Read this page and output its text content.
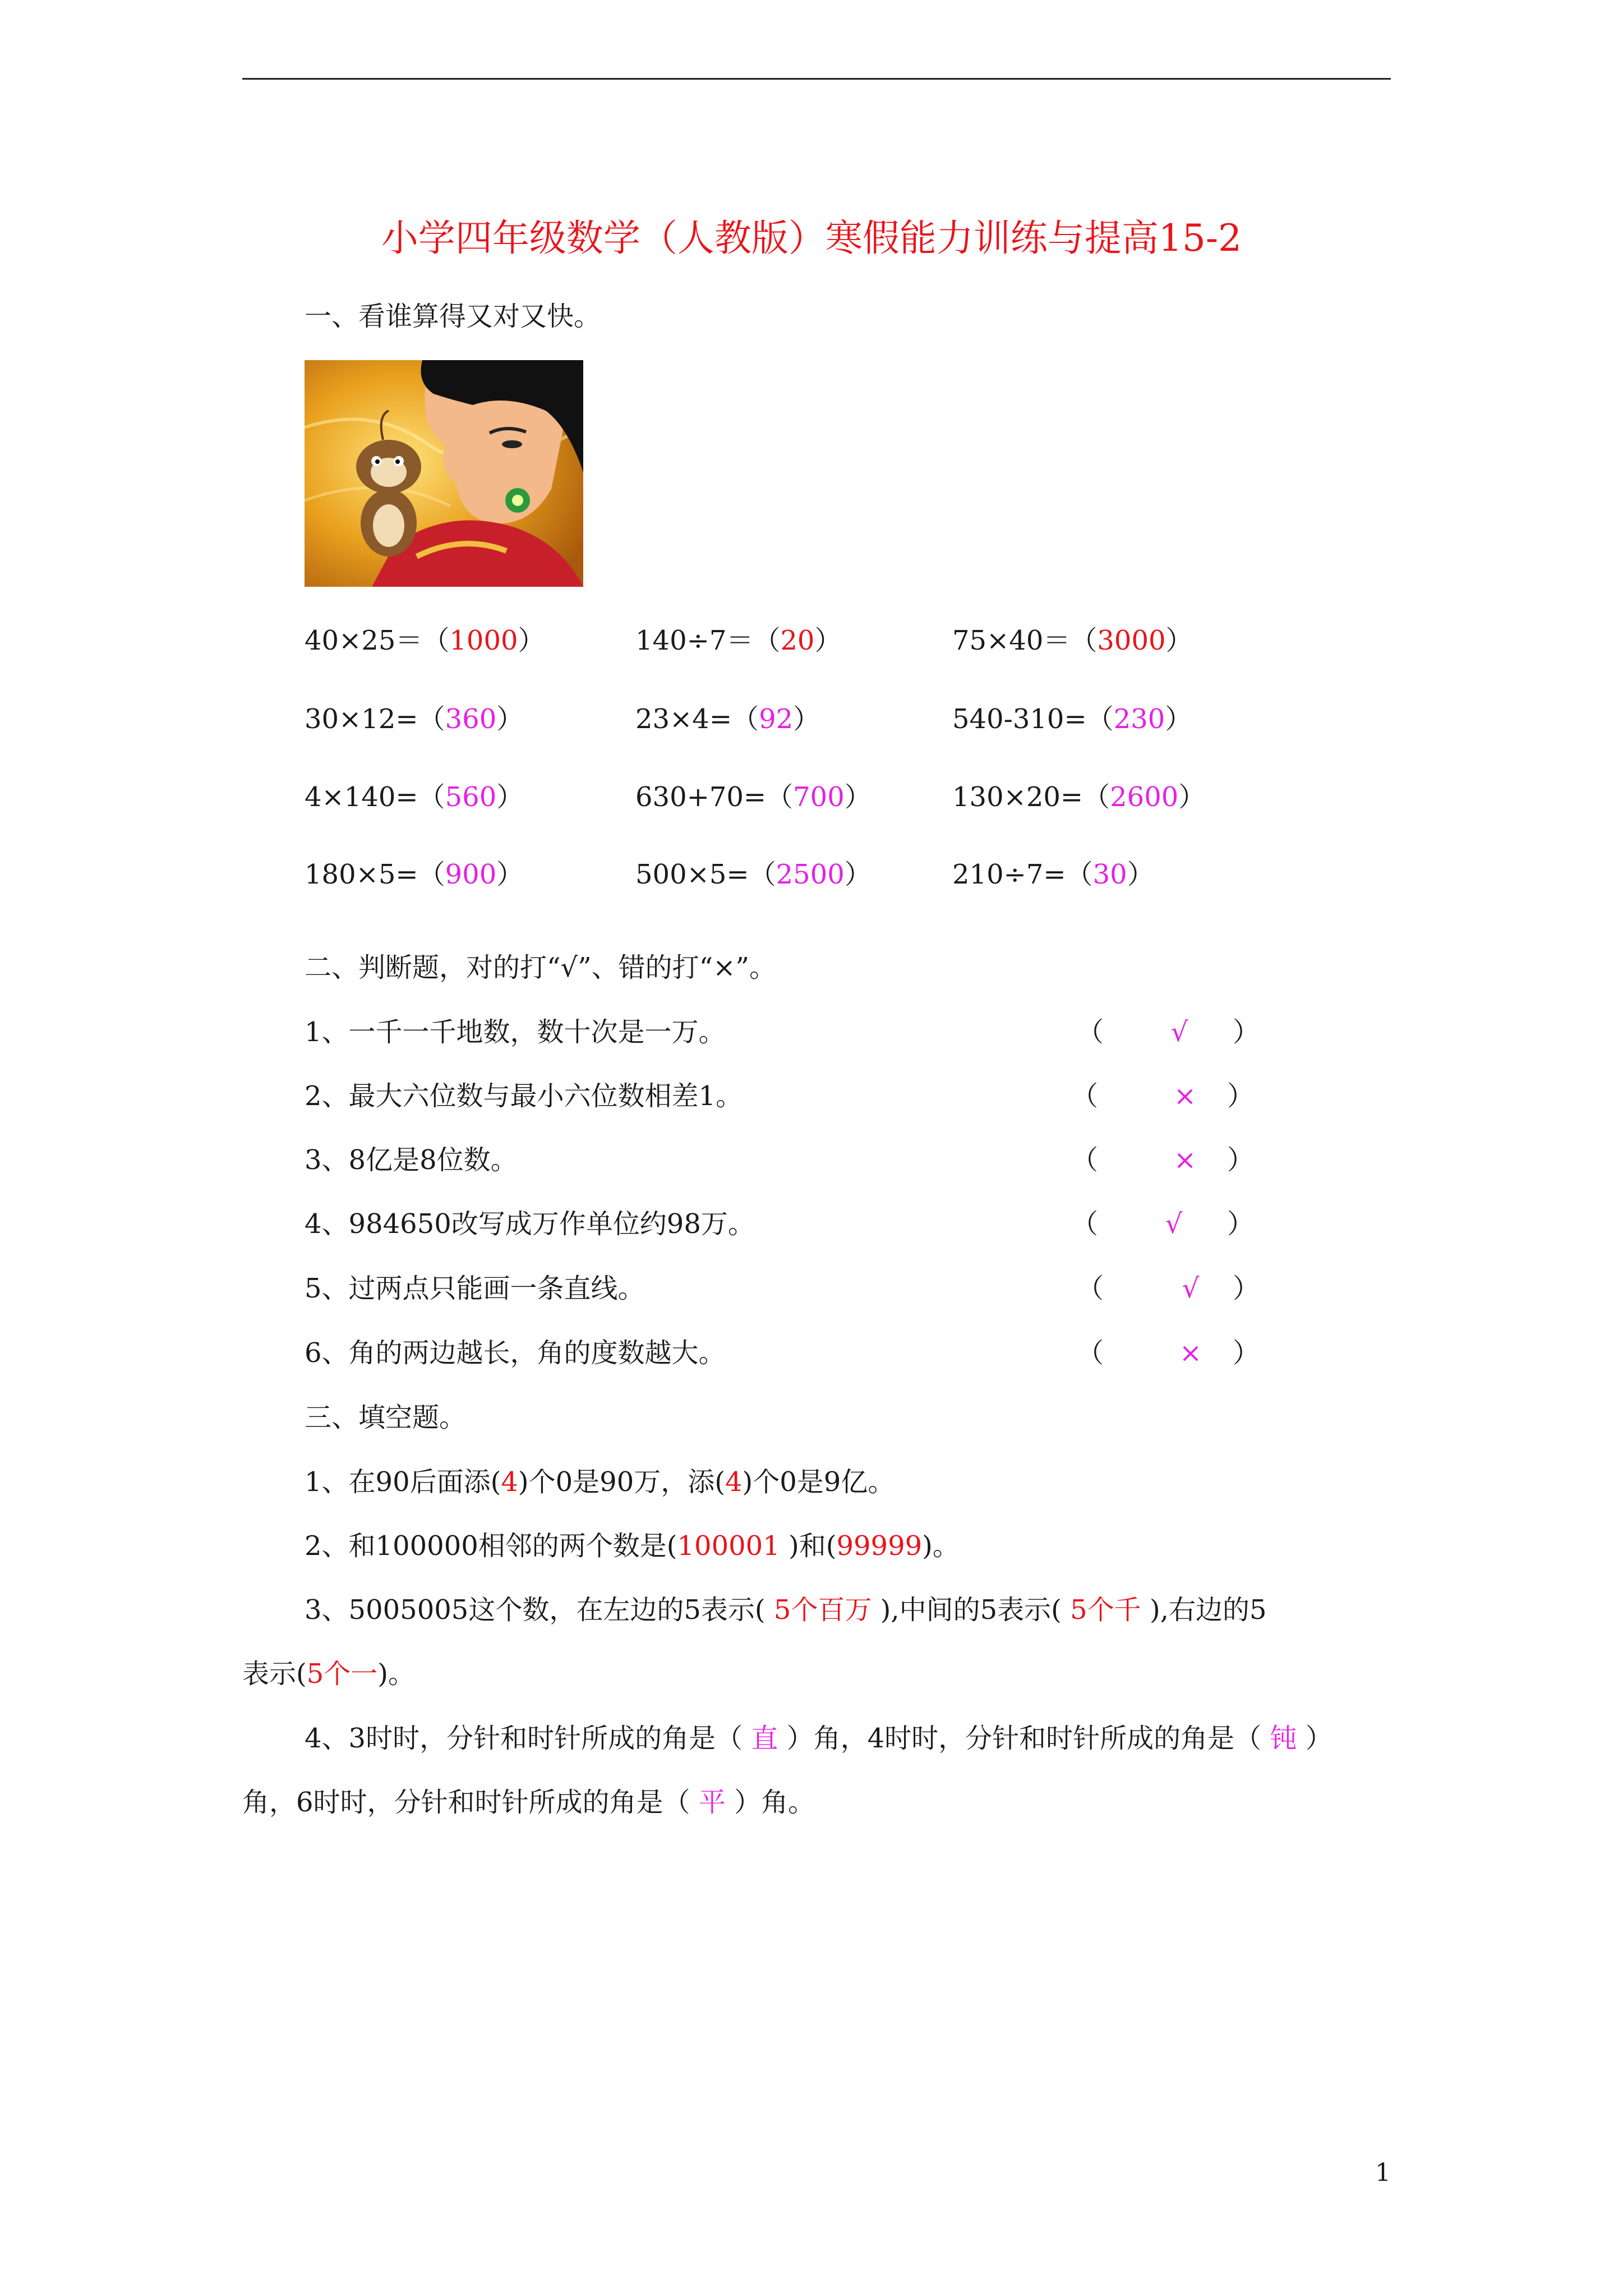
小学四年级数学（人教版）寒假能力训练与提高15-2
一、看谁算得又对又快。
40×25＝（1000）	140÷7＝（20）	75×40＝（3000）
30×12=（360）	23×4=（92）	540-310=（230）
4×140=（560）	630+70=（700）	130×20=（2600）
180×5=（900）	500×5=（2500）	210÷7=（30）
二、判断题，对的打“√”、错的打“×”。
1、一千一千地数，数十次是一万。	（ √ ）
2、最大六位数与最小六位数相差1。	（	× ）
3、8亿是8位数。	（	× ）
4、984650改写成万作单位约98万。	（ √ ）
5、过两点只能画一条直线。	（	√ ）
6、角的两边越长，角的度数越大。	（	× ）
三、填空题。
1、在90后面添(4)个0是90万，添(4)个0是9亿。
2、和100000相邻的两个数是(100001 )和(99999)。
3、5005005这个数，在左边的5表示( 5个百万 ),中间的5表示( 5个千 ),右边的5
表示(5个一)。
4、3时时，分针和时针所成的角是（ 直 ）角，4时时，分针和时针所成的角是（ 钝 ）
角，6时时，分针和时针所成的角是（ 平 ）角。
1
